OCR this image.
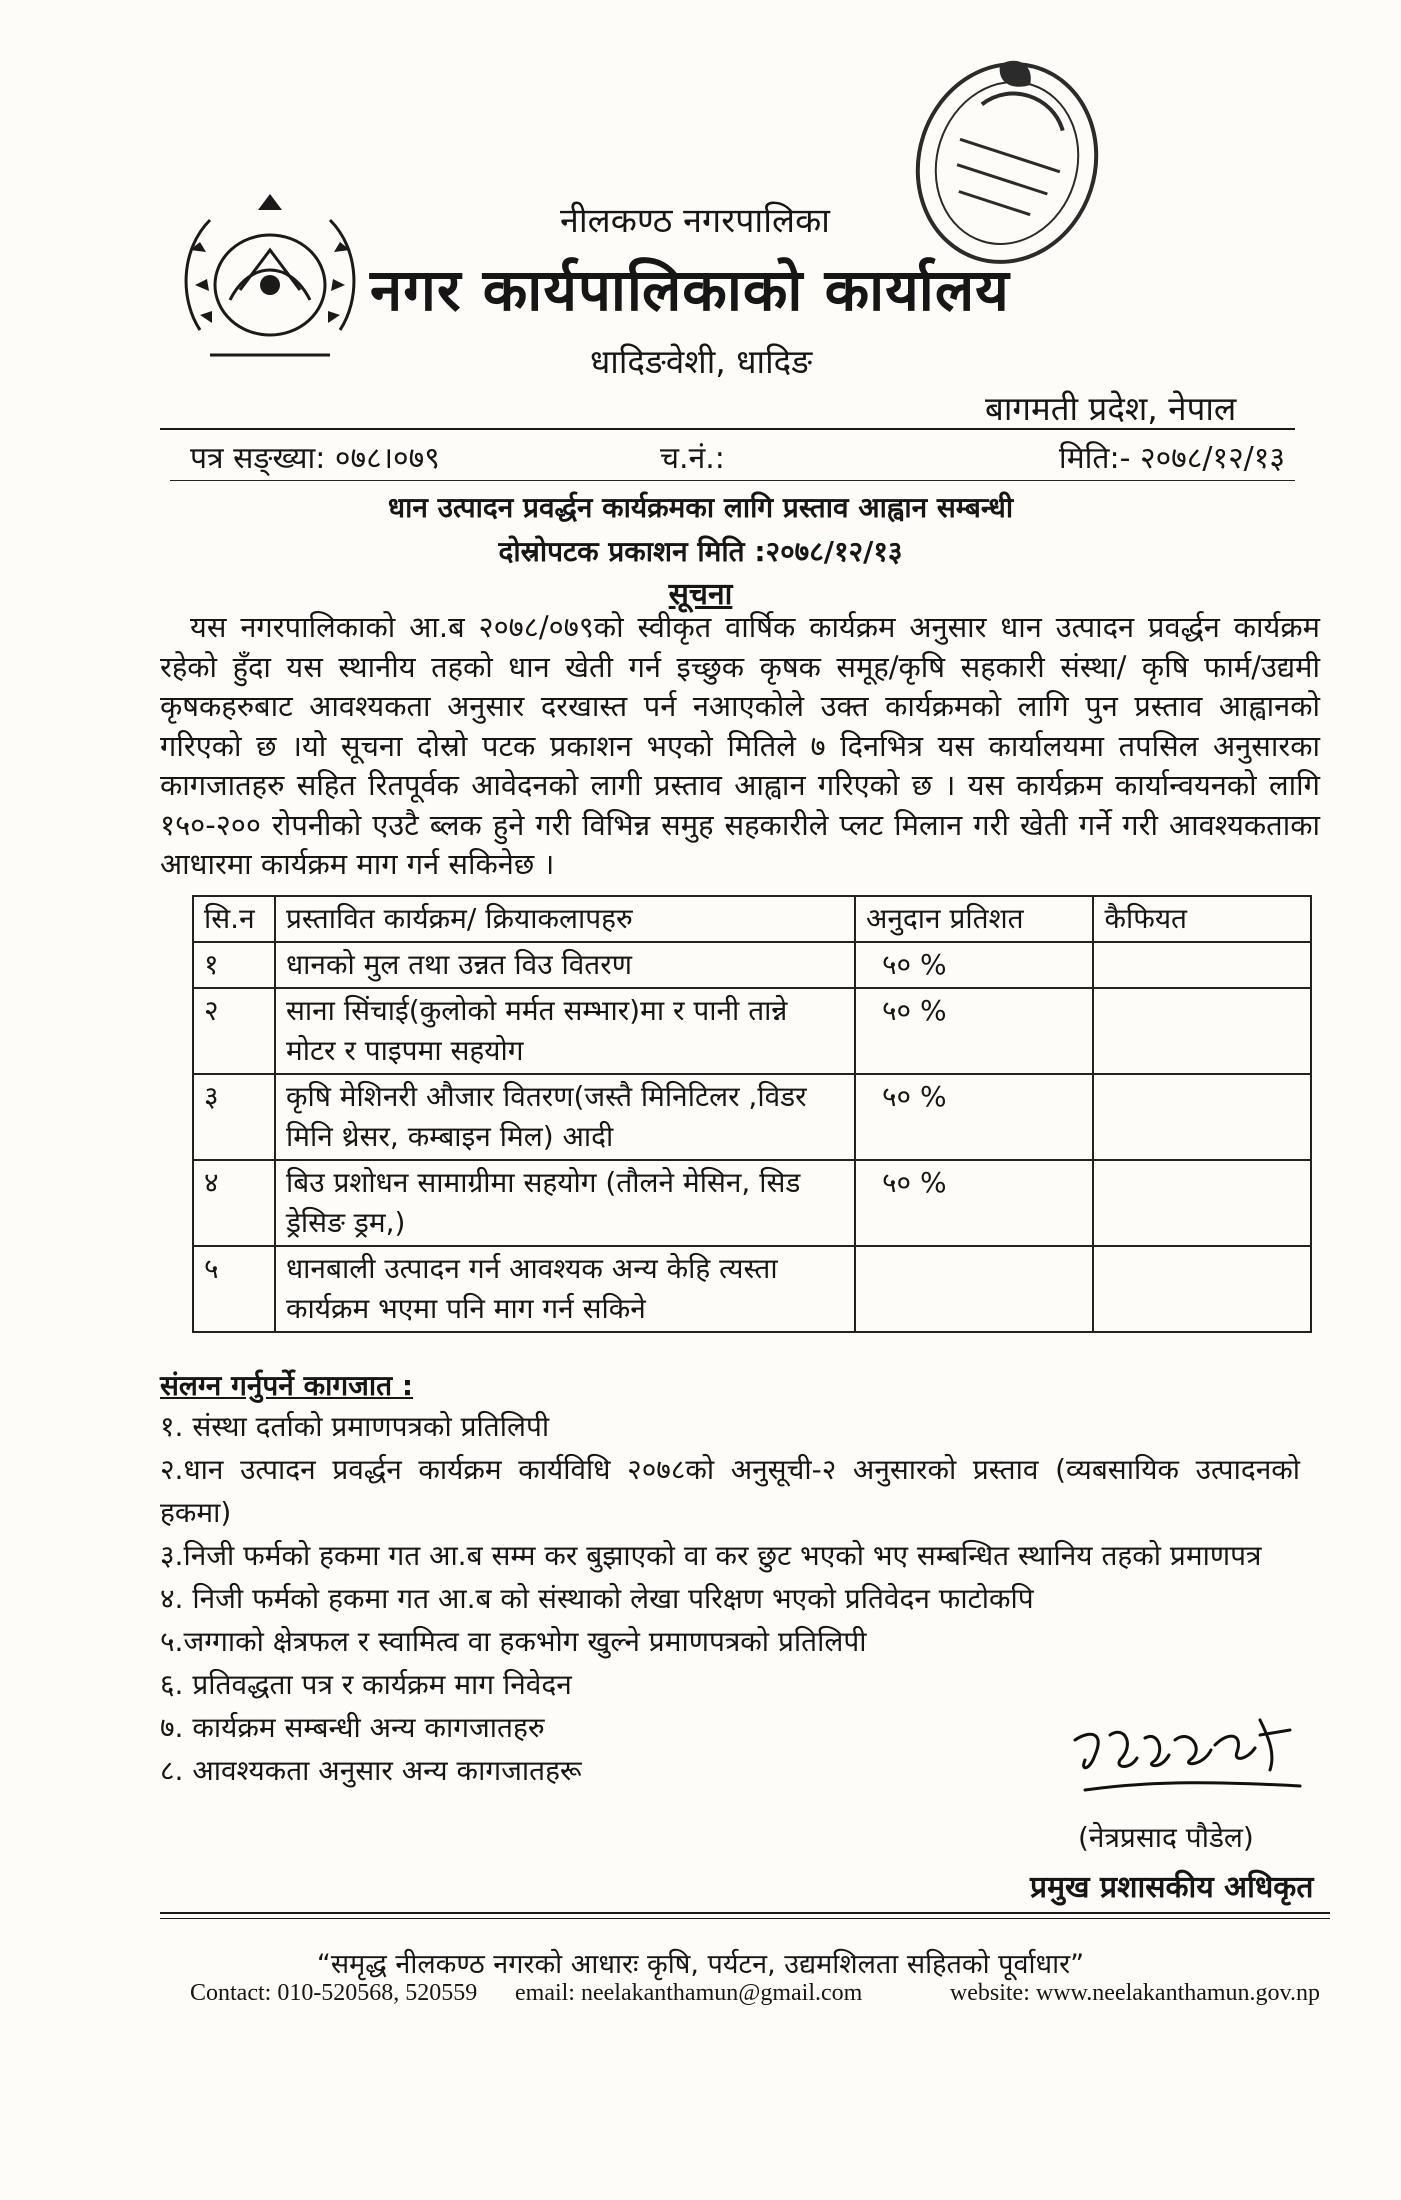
नीलकण्ठ नगरपालिका
नगर कार्यपालिकाको कार्यालय
धादिङवेशी, धादिङ
बागमती प्रदेश, नेपाल
पत्र सङ्ख्या: ०७८।०७९	च.नं.:	मिति:- २०७८/१२/१३
धान उत्पादन प्रवर्द्धन कार्यक्रमका लागि प्रस्ताव आह्वान सम्बन्धी
दोस्रोपटक प्रकाशन मिति :२०७८/१२/१३
सूचना
यस नगरपालिकाको आ.ब २०७८/०७९को स्वीकृत वार्षिक कार्यक्रम अनुसार धान उत्पादन प्रवर्द्धन कार्यक्रम रहेको हुँदा यस स्थानीय तहको धान खेती गर्न इच्छुक कृषक समूह/कृषि सहकारी संस्था/ कृषि फार्म/उद्यमी कृषकहरुबाट आवश्यकता अनुसार दरखास्त पर्न नआएकोले उक्त कार्यक्रमको लागि पुन प्रस्ताव आह्वानको गरिएको छ ।यो सूचना दोस्रो पटक प्रकाशन भएको मितिले ७ दिनभित्र यस कार्यालयमा तपसिल अनुसारका कागजातहरु सहित रितपूर्वक आवेदनको लागी प्रस्ताव आह्वान गरिएको छ । यस कार्यक्रम कार्यान्वयनको लागि १५०-२०० रोपनीको एउटै ब्लक हुने गरी विभिन्न समुह सहकारीले प्लट मिलान गरी खेती गर्ने गरी आवश्यकताका आधारमा कार्यक्रम माग गर्न सकिनेछ ।
सि.न	प्रस्तावित कार्यक्रम/ क्रियाकलापहरु	अनुदान प्रतिशत	कैफियत
१	धानको मुल तथा उन्नत विउ वितरण	५० %	
२	साना सिंचाई(कुलोको मर्मत सम्भार)मा र पानी तान्ने मोटर र पाइपमा सहयोग	५० %	
३	कृषि मेशिनरी औजार वितरण(जस्तै मिनिटिलर ,विडर मिनि थ्रेसर, कम्बाइन मिल) आदी	५० %	
४	बिउ प्रशोधन सामाग्रीमा सहयोग (तौलने मेसिन, सिड ड्रेसिङ ड्रम,)	५० %	
५	धानबाली उत्पादन गर्न आवश्यक अन्य केहि त्यस्ता कार्यक्रम भएमा पनि माग गर्न सकिने		
संलग्न गर्नुपर्ने कागजात :
१. संस्था दर्ताको प्रमाणपत्रको प्रतिलिपी
२.धान उत्पादन प्रवर्द्धन कार्यक्रम कार्यविधि २०७८को अनुसूची-२ अनुसारको प्रस्ताव (व्यबसायिक उत्पादनको हकमा)
३.निजी फर्मको हकमा गत आ.ब सम्म कर बुझाएको वा कर छुट भएको भए सम्बन्धित स्थानिय तहको प्रमाणपत्र
४. निजी फर्मको हकमा गत आ.ब को संस्थाको लेखा परिक्षण भएको प्रतिवेदन फाटोकपि
५.जग्गाको क्षेत्रफल र स्वामित्व वा हकभोग खुल्ने प्रमाणपत्रको प्रतिलिपी
६. प्रतिवद्धता पत्र र कार्यक्रम माग निवेदन
७. कार्यक्रम सम्बन्धी अन्य कागजातहरु
८. आवश्यकता अनुसार अन्य कागजातहरू
(नेत्रप्रसाद पौडेल)
प्रमुख प्रशासकीय अधिकृत
“समृद्ध नीलकण्ठ नगरको आधारः कृषि, पर्यटन, उद्यमशिलता सहितको पूर्वाधार”
Contact: 010-520568, 520559 email: neelakanthamun@gmail.com	website: www.neelakanthamun.gov.np
